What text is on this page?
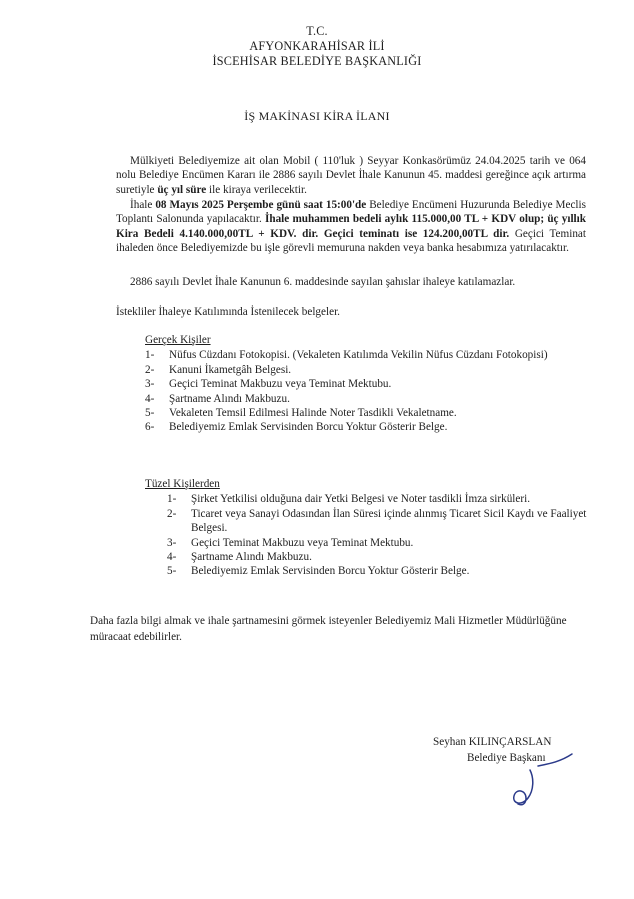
T.C.
AFYONKARAHİSAR İLİ
İSCEHİSAR BELEDİYE BAŞKANLIĞI
İŞ MAKİNASI KİRA İLANI
Mülkiyeti Belediyemize ait olan Mobil ( 110'luk ) Seyyar Konkasörümüz 24.04.2025 tarih ve 064 nolu Belediye Encümen Kararı ile 2886 sayılı Devlet İhale Kanunun 45. maddesi gereğince açık artırma suretiyle üç yıl süre ile kiraya verilecektir.
İhale 08 Mayıs 2025 Perşembe günü saat 15:00'de Belediye Encümeni Huzurunda Belediye Meclis Toplantı Salonunda yapılacaktır. İhale muhammen bedeli aylık 115.000,00 TL + KDV olup; üç yıllık Kira Bedeli 4.140.000,00TL + KDV. dir. Geçici teminatı ise 124.200,00TL dir. Geçici Teminat ihaleden önce Belediyemizde bu işle görevli memuruna nakden veya banka hesabımıza yatırılacaktır.
2886 sayılı Devlet İhale Kanunun 6. maddesinde sayılan şahıslar ihaleye katılamazlar.
İstekliler İhaleye Katılımında İstenilecek belgeler.
Gerçek Kişiler
1-	Nüfus Cüzdanı Fotokopisi. (Vekaleten Katılımda Vekilin Nüfus Cüzdanı Fotokopisi)
2-	Kanuni İkametgâh Belgesi.
3-	Geçici Teminat Makbuzu veya Teminat Mektubu.
4-	Şartname Alındı Makbuzu.
5-	Vekaleten Temsil Edilmesi Halinde Noter Tasdikli Vekaletname.
6-	Belediyemiz Emlak Servisinden Borcu Yoktur Gösterir Belge.
Tüzel Kişilerden
1-	Şirket Yetkilisi olduğuna dair Yetki Belgesi ve Noter tasdikli İmza sirküleri.
2-	Ticaret veya Sanayi Odasından İlan Süresi içinde alınmış Ticaret Sicil Kaydı ve Faaliyet Belgesi.
3-	Geçici Teminat Makbuzu veya Teminat Mektubu.
4-	Şartname Alındı Makbuzu.
5-	Belediyemiz Emlak Servisinden Borcu Yoktur Gösterir Belge.
Daha fazla bilgi almak ve ihale şartnamesini görmek isteyenler Belediyemiz Mali Hizmetler Müdürlüğüne müracaat edebilirler.
Seyhan KILINÇARSLAN
Belediye Başkanı
